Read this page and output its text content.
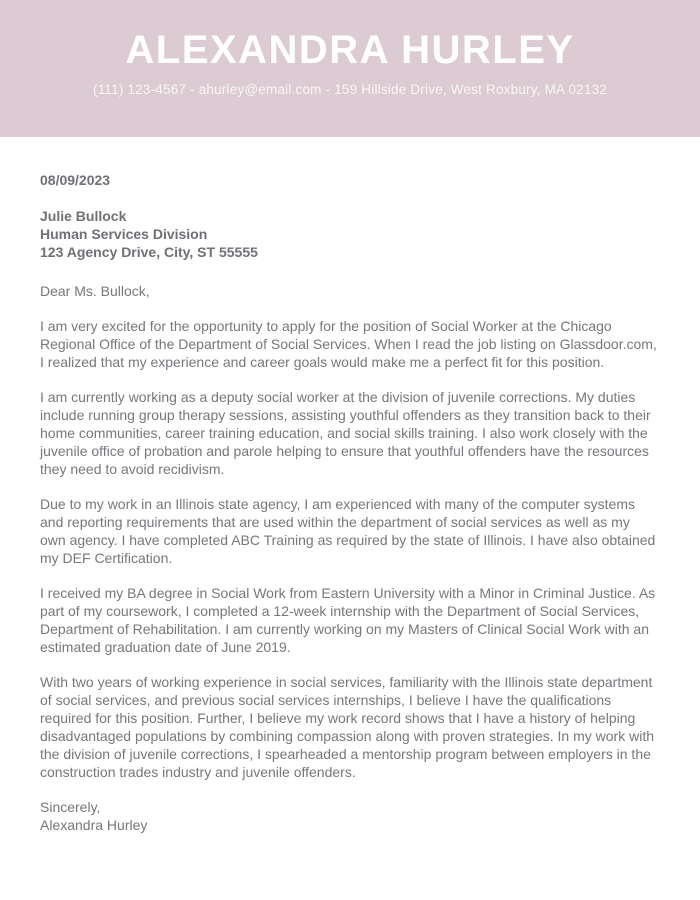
ALEXANDRA HURLEY
(111) 123-4567 - ahurley@email.com - 159 Hillside Drive, West Roxbury, MA 02132
08/09/2023
Julie Bullock
Human Services Division
123 Agency Drive, City, ST 55555
Dear Ms. Bullock,
I am very excited for the opportunity to apply for the position of Social Worker at the Chicago Regional Office of the Department of Social Services. When I read the job listing on Glassdoor.com, I realized that my experience and career goals would make me a perfect fit for this position.
I am currently working as a deputy social worker at the division of juvenile corrections. My duties include running group therapy sessions, assisting youthful offenders as they transition back to their home communities, career training education, and social skills training. I also work closely with the juvenile office of probation and parole helping to ensure that youthful offenders have the resources they need to avoid recidivism.
Due to my work in an Illinois state agency, I am experienced with many of the computer systems and reporting requirements that are used within the department of social services as well as my own agency. I have completed ABC Training as required by the state of Illinois. I have also obtained my DEF Certification.
I received my BA degree in Social Work from Eastern University with a Minor in Criminal Justice. As part of my coursework, I completed a 12-week internship with the Department of Social Services, Department of Rehabilitation. I am currently working on my Masters of Clinical Social Work with an estimated graduation date of June 2019.
With two years of working experience in social services, familiarity with the Illinois state department of social services, and previous social services internships, I believe I have the qualifications required for this position. Further, I believe my work record shows that I have a history of helping disadvantaged populations by combining compassion along with proven strategies. In my work with the division of juvenile corrections, I spearheaded a mentorship program between employers in the construction trades industry and juvenile offenders.
Sincerely,
Alexandra Hurley
